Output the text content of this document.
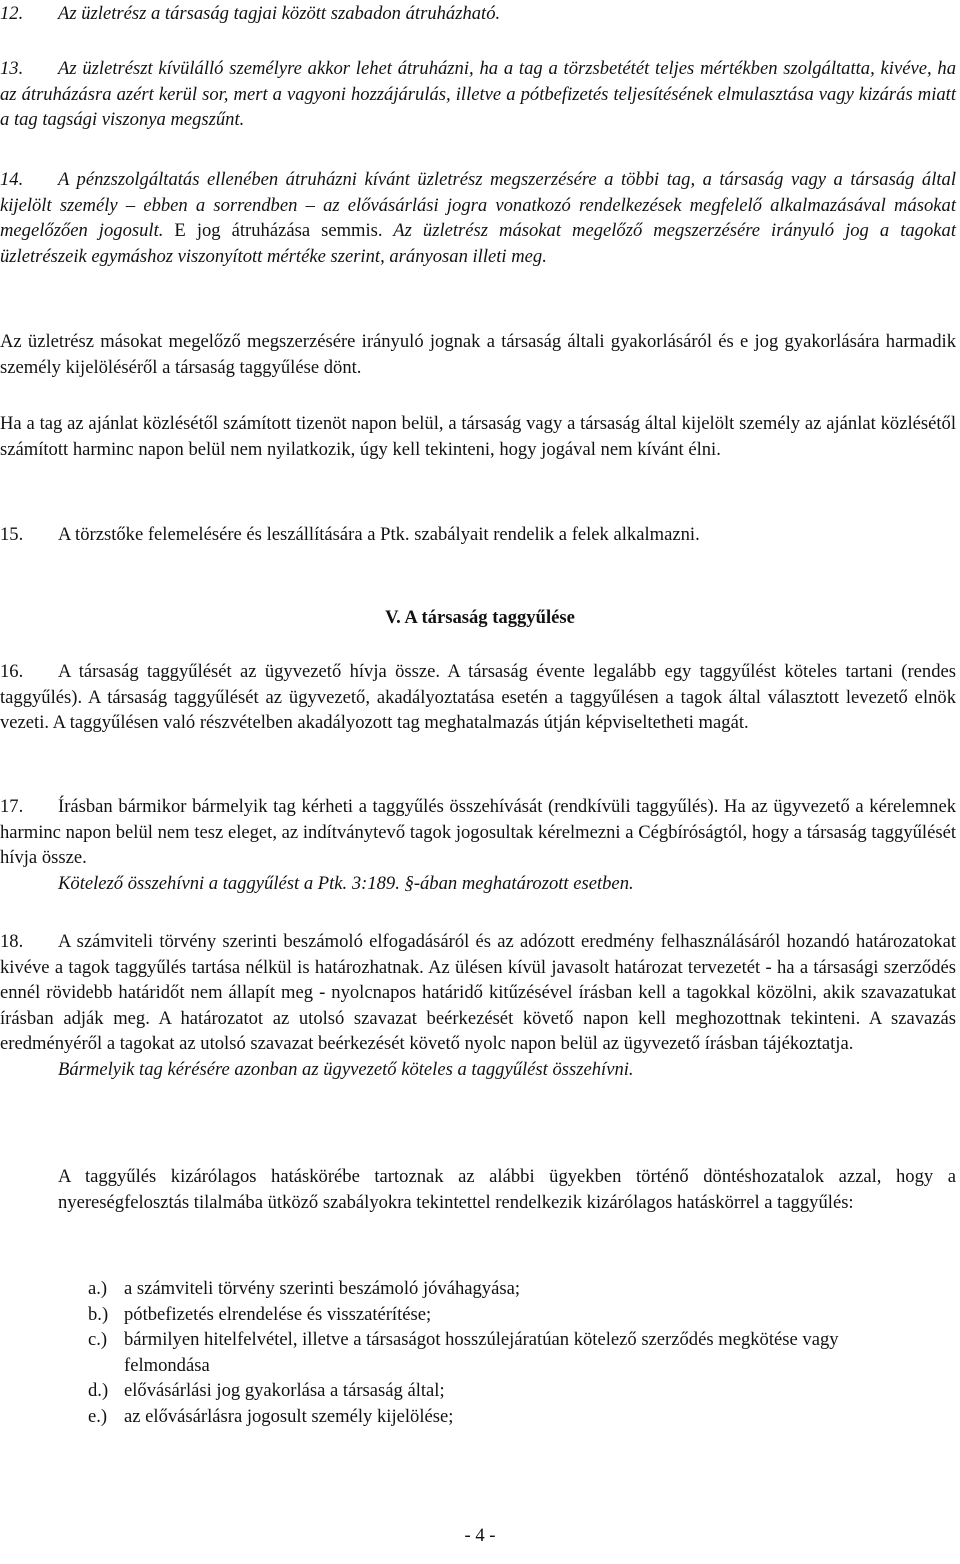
12. Az üzletrész a társaság tagjai között szabadon átruházható.

13. Az üzletrészt kívülálló személyre akkor lehet átruházni, ha a tag a törzsbetétét teljes mértékben szolgáltatta, kivéve, ha az átruházásra azért kerül sor, mert a vagyoni hozzájárulás, illetve a pótbefizetés teljesítésének elmulasztása vagy kizárás miatt a tag tagsági viszonya megszűnt.

14. A pénzszolgáltatás ellenében átruházni kívánt üzletrész megszerzésére a többi tag, a társaság vagy a társaság által kijelölt személy – ebben a sorrendben – az elővásárlási jogra vonatkozó rendelkezések megfelelő alkalmazásával másokat megelőzően jogosult. E jog átruházása semmis. Az üzletrész másokat megelőző megszerzésére irányuló jog a tagokat üzletrészeik egymáshoz viszonyított mértéke szerint, arányosan illeti meg.

Az üzletrész másokat megelőző megszerzésére irányuló jognak a társaság általi gyakorlásáról és e jog gyakorlására harmadik személy kijelöléséről a társaság taggyűlése dönt.

Ha a tag az ajánlat közlésétől számított tizenöt napon belül, a társaság vagy a társaság által kijelölt személy az ajánlat közlésétől számított harminc napon belül nem nyilatkozik, úgy kell tekinteni, hogy jogával nem kívánt élni.

15. A törzstőke felemelésére és leszállítására a Ptk. szabályait rendelik a felek alkalmazni.

V. A társaság taggyűlése

16. A társaság taggyűlését az ügyvezető hívja össze. A társaság évente legalább egy taggyűlést köteles tartani (rendes taggyűlés). A társaság taggyűlését az ügyvezető, akadályoztatása esetén a taggyűlésen a tagok által választott levezető elnök vezeti. A taggyűlésen való részvételben akadályozott tag meghatalmazás útján képviseltetheti magát.

17. Írásban bármikor bármelyik tag kérheti a taggyűlés összehívását (rendkívüli taggyűlés). Ha az ügyvezető a kérelemnek harminc napon belül nem tesz eleget, az indítványtevő tagok jogosultak kérelmezni a Cégbíróságtól, hogy a társaság taggyűlését hívja össze.
Kötelező összehívni a taggyűlést a Ptk. 3:189. §-ában meghatározott esetben.

18. A számviteli törvény szerinti beszámoló elfogadásáról és az adózott eredmény felhasználásáról hozandó határozatokat kivéve a tagok taggyűlés tartása nélkül is határozhatnak. Az ülésen kívül javasolt határozat tervezetét - ha a társasági szerződés ennél rövidebb határidőt nem állapít meg - nyolcnapos határidő kitűzésével írásban kell a tagokkal közölni, akik szavazatukat írásban adják meg. A határozatot az utolsó szavazat beérkezését követő napon kell meghozottnak tekinteni. A szavazás eredményéről a tagokat az utolsó szavazat beérkezését követő nyolc napon belül az ügyvezető írásban tájékoztatja.
Bármelyik tag kérésére azonban az ügyvezető köteles a taggyűlést összehívni.

A taggyűlés kizárólagos hatáskörébe tartoznak az alábbi ügyekben történő döntéshozatalok azzal, hogy a nyereségfelosztás tilalmába ütköző szabályokra tekintettel rendelkezik kizárólagos hatáskörrel a taggyűlés:

a.) a számviteli törvény szerinti beszámoló jóváhagyása;
b.) pótbefizetés elrendelése és visszatérítése;
c.) bármilyen hitelfelvétel, illetve a társaságot hosszúlejáratúan kötelező szerződés megkötése vagy felmondása
d.) elővásárlási jog gyakorlása a társaság által;
e.) az elővásárlásra jogosult személy kijelölése;
- 4 -
